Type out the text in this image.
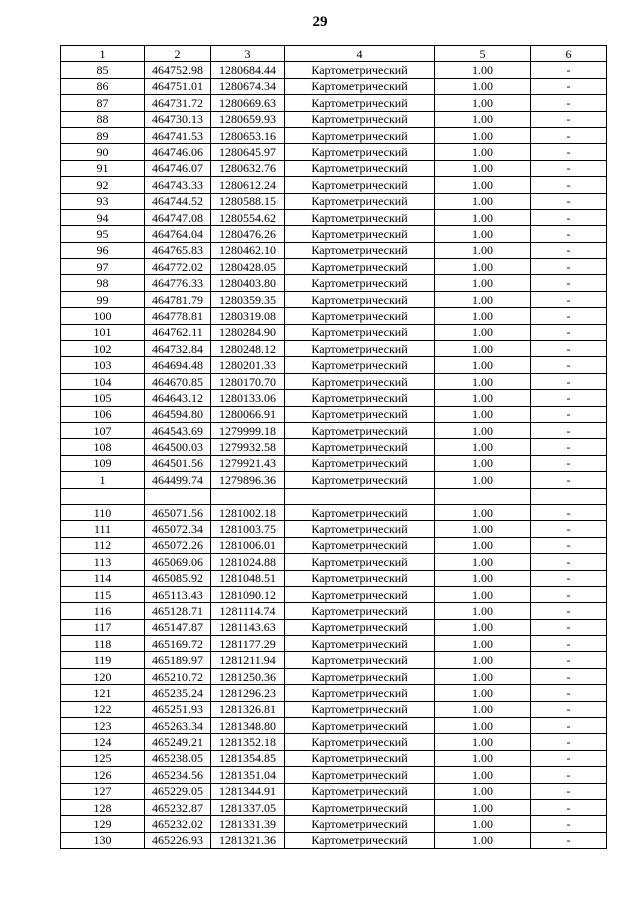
29
1	2	3	4	5	6
85	464752.98	1280684.44	Картометрический	1.00	-
86	464751.01	1280674.34	Картометрический	1.00	-
87	464731.72	1280669.63	Картометрический	1.00	-
88	464730.13	1280659.93	Картометрический	1.00	-
89	464741.53	1280653.16	Картометрический	1.00	-
90	464746.06	1280645.97	Картометрический	1.00	-
91	464746.07	1280632.76	Картометрический	1.00	-
92	464743.33	1280612.24	Картометрический	1.00	-
93	464744.52	1280588.15	Картометрический	1.00	-
94	464747.08	1280554.62	Картометрический	1.00	-
95	464764.04	1280476.26	Картометрический	1.00	-
96	464765.83	1280462.10	Картометрический	1.00	-
97	464772.02	1280428.05	Картометрический	1.00	-
98	464776.33	1280403.80	Картометрический	1.00	-
99	464781.79	1280359.35	Картометрический	1.00	-
100	464778.81	1280319.08	Картометрический	1.00	-
101	464762.11	1280284.90	Картометрический	1.00	-
102	464732.84	1280248.12	Картометрический	1.00	-
103	464694.48	1280201.33	Картометрический	1.00	-
104	464670.85	1280170.70	Картометрический	1.00	-
105	464643.12	1280133.06	Картометрический	1.00	-
106	464594.80	1280066.91	Картометрический	1.00	-
107	464543.69	1279999.18	Картометрический	1.00	-
108	464500.03	1279932.58	Картометрический	1.00	-
109	464501.56	1279921.43	Картометрический	1.00	-
1	464499.74	1279896.36	Картометрический	1.00	-

110	465071.56	1281002.18	Картометрический	1.00	-
111	465072.34	1281003.75	Картометрический	1.00	-
112	465072.26	1281006.01	Картометрический	1.00	-
113	465069.06	1281024.88	Картометрический	1.00	-
114	465085.92	1281048.51	Картометрический	1.00	-
115	465113.43	1281090.12	Картометрический	1.00	-
116	465128.71	1281114.74	Картометрический	1.00	-
117	465147.87	1281143.63	Картометрический	1.00	-
118	465169.72	1281177.29	Картометрический	1.00	-
119	465189.97	1281211.94	Картометрический	1.00	-
120	465210.72	1281250.36	Картометрический	1.00	-
121	465235.24	1281296.23	Картометрический	1.00	-
122	465251.93	1281326.81	Картометрический	1.00	-
123	465263.34	1281348.80	Картометрический	1.00	-
124	465249.21	1281352.18	Картометрический	1.00	-
125	465238.05	1281354.85	Картометрический	1.00	-
126	465234.56	1281351.04	Картометрический	1.00	-
127	465229.05	1281344.91	Картометрический	1.00	-
128	465232.87	1281337.05	Картометрический	1.00	-
129	465232.02	1281331.39	Картометрический	1.00	-
130	465226.93	1281321.36	Картометрический	1.00	-
